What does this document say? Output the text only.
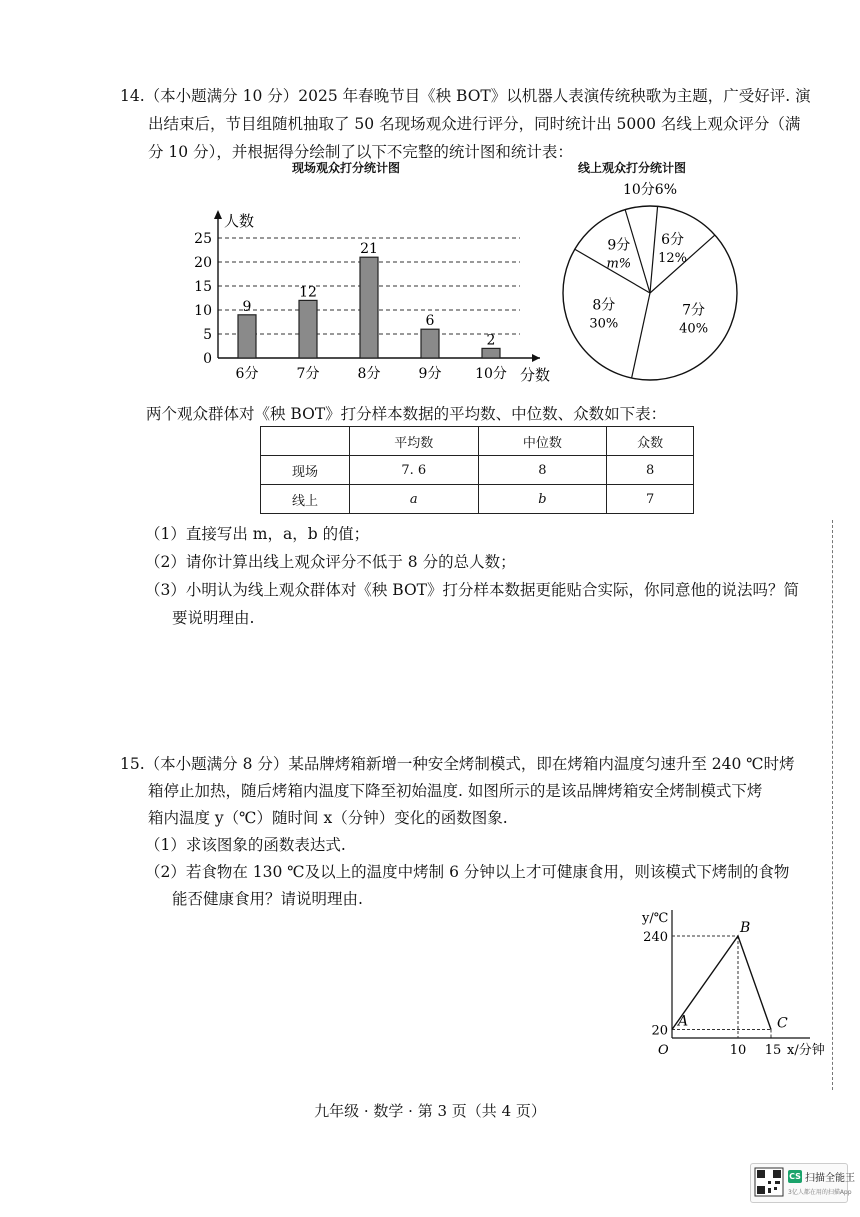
14.（本小题满分 10 分）2025 年春晚节目《秧 BOT》以机器人表演传统秧歌为主题，广受好评. 演
出结束后，节目组随机抽取了 50 名现场观众进行评分，同时统计出 5000 名线上观众评分（满
分 10 分），并根据得分绘制了以下不完整的统计图和统计表：
现场观众打分统计图	线上观众打分统计图
0
5
10
15
20
25
人数
分数
9
6分
12
7分
21
8分
6
9分
2
10分
6分
12%
7分
40%
8分
30%
9分
m%
10分6%
两个观众群体对《秧 BOT》打分样本数据的平均数、中位数、众数如下表：
	平均数	中位数	众数
现场	7. 6	8	8
线上	a	b	7
（1）直接写出 m，a，b 的值；
（2）请你计算出线上观众评分不低于 8 分的总人数；
（3）小明认为线上观众群体对《秧 BOT》打分样本数据更能贴合实际，你同意他的说法吗？简
要说明理由.
15.（本小题满分 8 分）某品牌烤箱新增一种安全烤制模式，即在烤箱内温度匀速升至 240 ℃时烤
箱停止加热，随后烤箱内温度下降至初始温度. 如图所示的是该品牌烤箱安全烤制模式下烤
箱内温度 y（℃）随时间 x（分钟）变化的函数图象.
（1）求该图象的函数表达式.
（2）若食物在 130 ℃及以上的温度中烤制 6 分钟以上才可健康食用，则该模式下烤制的食物
能否健康食用？请说明理由.
A
B
C
240
20
10 15
O
y/℃
x/分钟
九年级 · 数学 · 第 3 页（共 4 页）
CS 扫描全能王
3亿人都在用的扫描App
